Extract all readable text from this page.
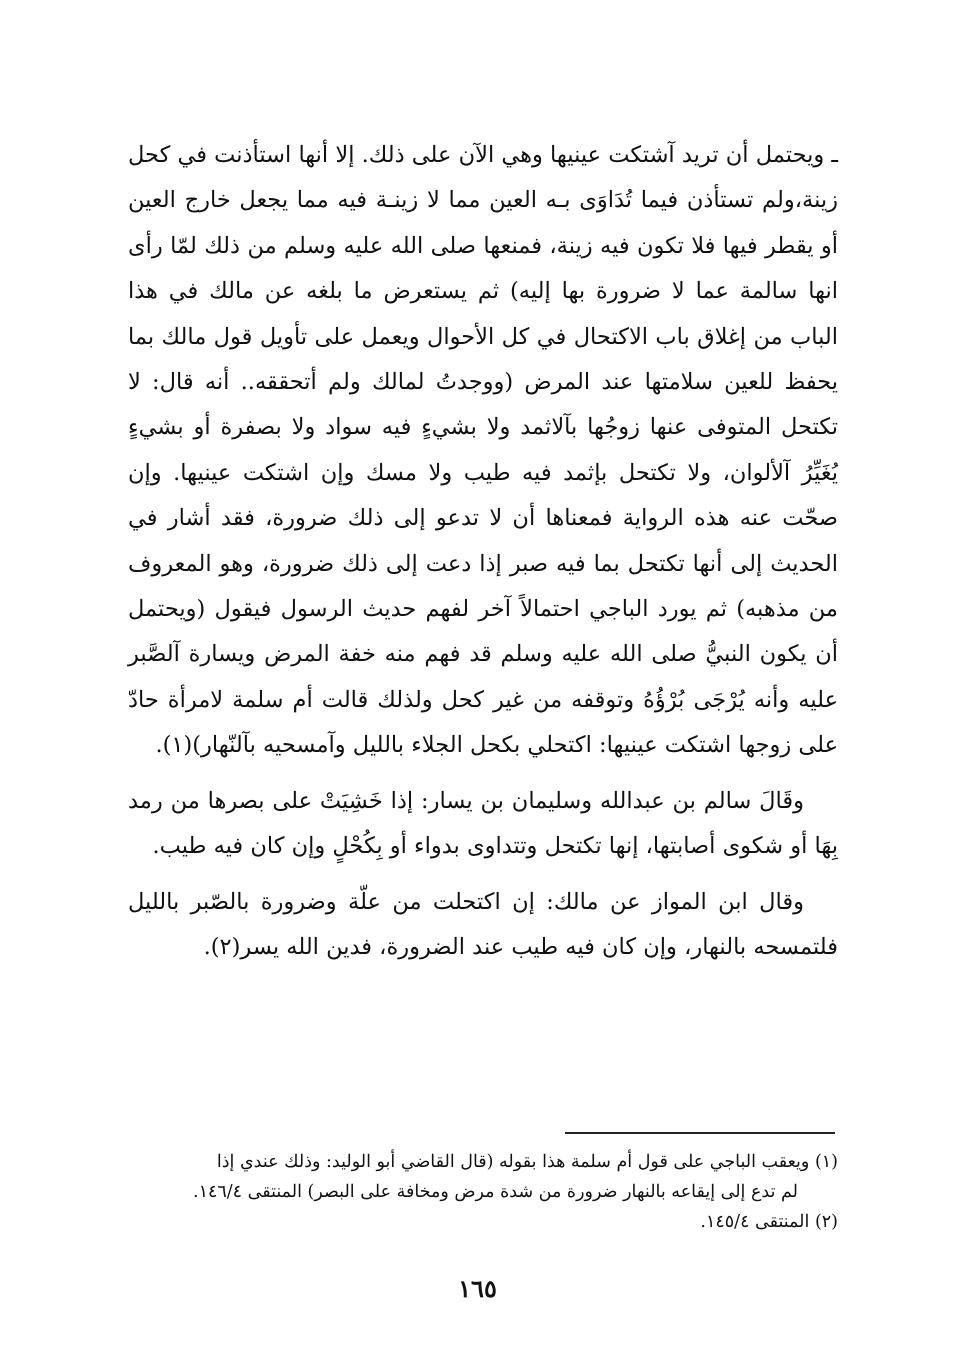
ـ ويحتمل أن تريد آشتكت عينيها وهي الآن على ذلك. إلا أنها استأذنت في كحل زينة،ولم تستأذن فيما تُدَاوَى بـه العين مما لا زينـة فيه مما يجعل خارج العين أو يقطر فيها فلا تكون فيه زينة، فمنعها صلى الله عليه وسلم من ذلك لمّا رأى انها سالمة عما لا ضرورة بها إليه) ثم يستعرض ما بلغه عن مالك في هذا الباب من إغلاق باب الاكتحال في كل الأحوال ويعمل على تأويل قول مالك بما يحفظ للعين سلامتها عند المرض (ووجدتُ لمالك ولم أتحققه.. أنه قال: لا تكتحل المتوفى عنها زوجُها بآلاثمد ولا بشيءٍ فيه سواد ولا بصفرة أو بشيءٍ يُغَيِّرُ آلألوان، ولا تكتحل بإثمد فيه طيب ولا مسك وإن اشتكت عينيها. وإن صحّت عنه هذه الرواية فمعناها أن لا تدعو إلى ذلك ضرورة، فقد أشار في الحديث إلى أنها تكتحل بما فيه صبر إذا دعت إلى ذلك ضرورة، وهو المعروف من مذهبه) ثم يورد الباجي احتمالاً آخر لفهم حديث الرسول فيقول (ويحتمل أن يكون النبيُّ صلى الله عليه وسلم قد فهم منه خفة المرض ويسارة آلصَّبر عليه وأنه يُرْجَى بُرْؤُهُ وتوقفه من غير كحل ولذلك قالت أم سلمة لامرأة حادّ على زوجها اشتكت عينيها: اكتحلي بكحل الجلاء بالليل وآمسحيه بآلنّهار)(١).

وقَالَ سالم بن عبدالله وسليمان بن يسار: إذا خَشِيَتْ على بصرها من رمد بِهَا أو شكوى أصابتها، إنها تكتحل وتتداوى بدواء أو بِكُحْلٍ وإن كان فيه طيب.

وقال ابن المواز عن مالك: إن اكتحلت من علّة وضرورة بالصّبر بالليل فلتمسحه بالنهار، وإن كان فيه طيب عند الضرورة، فدين الله يسر(٢).

(١) ويعقب الباجي على قول أم سلمة هذا بقوله (قال القاضي أبو الوليد: وذلك عندي إذا

لم تدع إلى إيقاعه بالنهار ضرورة من شدة مرض ومخافة على البصر) المنتقى ١٤٦/٤.

(٢) المنتقى ١٤٥/٤.

١٦٥
